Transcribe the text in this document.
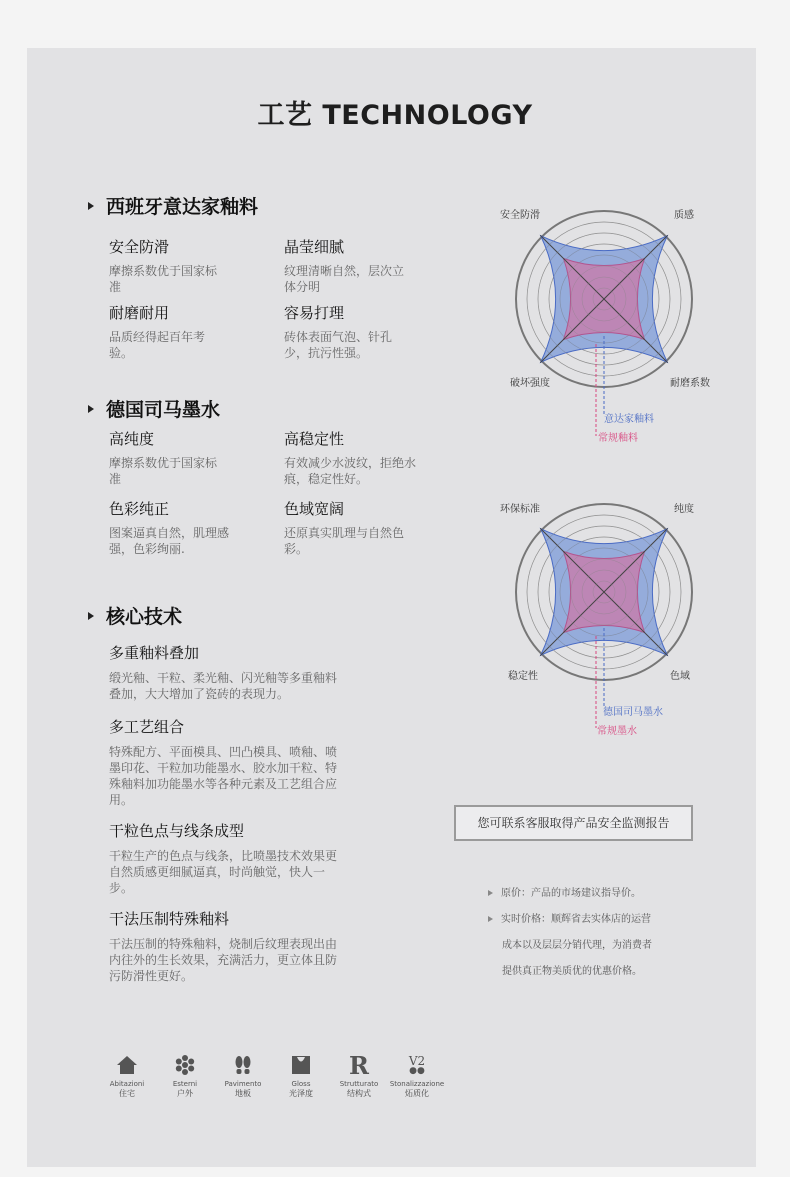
工艺 TECHNOLOGY
西班牙意达家釉料
安全防滑
摩擦系数优于国家标准
晶莹细腻
纹理清晰自然，层次立体分明
耐磨耐用
品质经得起百年考验。
容易打理
砖体表面气泡、针孔少，抗污性强。
德国司马墨水
高纯度
摩擦系数优于国家标准
高稳定性
有效减少水波纹，拒绝水痕，稳定性好。
色彩纯正
图案逼真自然，肌理感强，色彩绚丽.
色域宽阔
还原真实肌理与自然色彩。
核心技术
多重釉料叠加
缎光釉、干粒、柔光釉、闪光釉等多重釉料叠加，大大增加了瓷砖的表现力。
多工艺组合
特殊配方、平面模具、凹凸模具、喷釉、喷墨印花、干粒加功能墨水、胶水加干粒、特殊釉料加功能墨水等各种元素及工艺组合应用。
干粒色点与线条成型
干粒生产的色点与线条，比喷墨技术效果更自然质感更细腻逼真，时尚触觉，快人一步。
干法压制特殊釉料
干法压制的特殊釉料，烧制后纹理表现出由内往外的生长效果，充满活力，更立体且防污防滑性更好。
安全防滑	质感
耐磨系数
破坏强度
意达家釉料
常规釉料
环保标准	纯度
色域
稳定性
德国司马墨水
常规墨水
您可联系客服取得产品安全监测报告
原价：产品的市场建议指导价。
实时价格：顺辉省去实体店的运营
成本以及层层分销代理，为消费者
提供真正物美质优的优惠价格。
Abitazioni
住宅
Esterni
户外
Pavimento
地板
Gloss
光泽度
R
Strutturato
结构式
V2
●●
Stonalizzazione
炻质化
